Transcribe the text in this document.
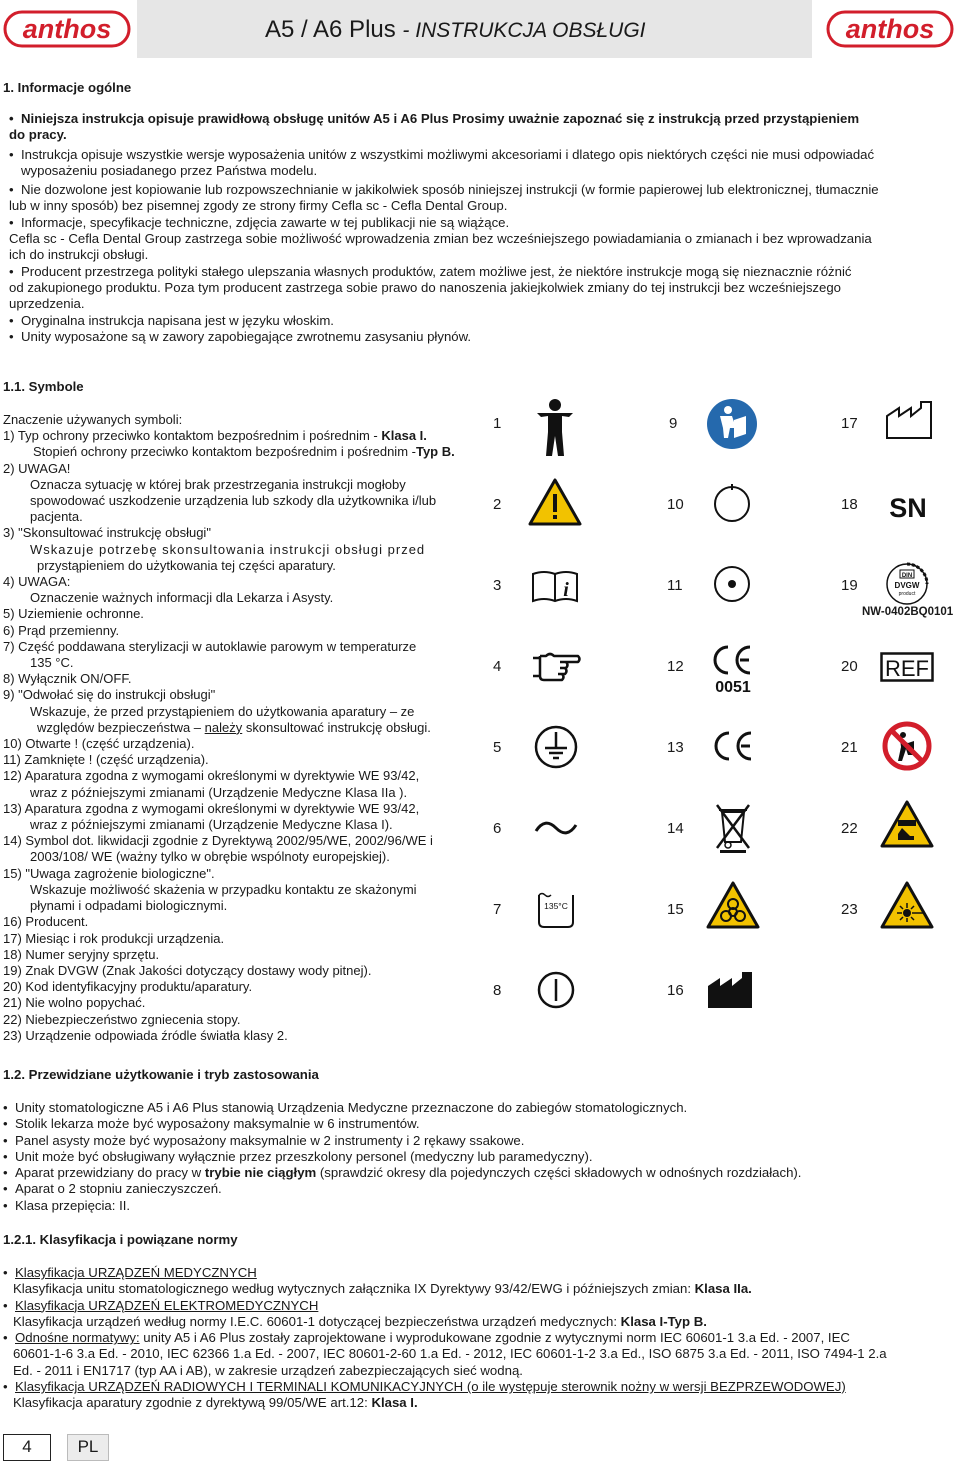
anthos	anthos
A5 / A6 Plus - INSTRUKCJA OBSŁUGI
1. Informacje ogólne
• Niniejsza instrukcja opisuje prawidłową obsługę unitów A5 i A6 Plus Prosimy uważnie zapoznać się z instrukcją przed przystąpieniem
do pracy.
• Instrukcja opisuje wszystkie wersje wyposażenia unitów z wszystkimi możliwymi akcesoriami i dlatego opis niektórych części nie musi odpowiadać
wyposażeniu posiadanego przez Państwa modelu.
• Nie dozwolone jest kopiowanie lub rozpowszechnianie w jakikolwiek sposób niniejszej instrukcji (w formie papierowej lub elektronicznej, tłumacznie
lub w inny sposób) bez pisemnej zgody ze strony firmy Cefla sc - Cefla Dental Group.
• Informacje, specyfikacje techniczne, zdjęcia zawarte w tej publikacji nie są wiążące.
Cefla sc - Cefla Dental Group zastrzega sobie możliwość wprowadzenia zmian bez wcześniejszego powiadamiania o zmianach i bez wprowadzania
ich do instrukcji obsługi.
• Producent przestrzega polityki stałego ulepszania własnych produktów, zatem możliwe jest, że niektóre instrukcje mogą się nieznacznie różnić
od zakupionego produktu. Poza tym producent zastrzega sobie prawo do nanoszenia jakiejkolwiek zmiany do tej instrukcji bez wcześniejszego
uprzedzenia.
• Oryginalna instrukcja napisana jest w języku włoskim.
• Unity wyposażone są w zawory zapobiegające zwrotnemu zasysaniu płynów.
1.1. Symbole
Znaczenie używanych symboli:
1) Typ ochrony przeciwko kontaktom bezpośrednim i pośrednim - Klasa I.
Stopień ochrony przeciwko kontaktom bezpośrednim i pośrednim -Typ B.
2) UWAGA!
Oznacza sytuację w której brak przestrzegania instrukcji mogłoby
spowodować uszkodzenie urządzenia lub szkody dla użytkownika i/lub
pacjenta.
3) "Skonsultować instrukcję obsługi"
Wskazuje potrzebę skonsultowania instrukcji obsługi przed
przystąpieniem do użytkowania tej części aparatury.
4) UWAGA:
Oznaczenie ważnych informacji dla Lekarza i Asysty.
5) Uziemienie ochronne.
6) Prąd przemienny.
7) Część poddawana sterylizacji w autoklawie parowym w temperaturze
135 °C.
8) Wyłącznik ON/OFF.
9) "Odwołać się do instrukcji obsługi"
Wskazuje, że przed przystąpieniem do użytkowania aparatury – ze
względów bezpieczeństwa – należy skonsultować instrukcję obsługi.
10) Otwarte ! (część urządzenia).
11) Zamknięte ! (część urządzenia).
12) Aparatura zgodna z wymogami określonymi w dyrektywie WE 93/42,
wraz z późniejszymi zmianami (Urządzenie Medyczne Klasa IIa ).
13) Aparatura zgodna z wymogami określonymi w dyrektywie WE 93/42,
wraz z późniejszymi zmianami (Urządzenie Medyczne Klasa I).
14) Symbol dot. likwidacji zgodnie z Dyrektywą 2002/95/WE, 2002/96/WE i
2003/108/ WE (ważny tylko w obrębie wspólnoty europejskiej).
15) "Uwaga zagrożenie biologiczne".
Wskazuje możliwość skażenia w przypadku kontaktu ze skażonymi
płynami i odpadami biologicznymi.
16) Producent.
17) Miesiąc i rok produkcji urządzenia.
18) Numer seryjny sprzętu.
19) Znak DVGW (Znak Jakości dotyczący dostawy wody pitnej).
20) Kod identyfikacyjny produktu/aparatury.
21) Nie wolno popychać.
22) Niebezpieczeństwo zgniecenia stopy.
23) Urządzenie odpowiada źródle światła klasy 2.
1
2
3
4
5
6
7
8
9
10
11
12
13
14
15
16
17
18
19
20
21
22
23
i
135°C
0051
SN
DIN
DVGW
product
NW-0402BQ0101
REF
1.2. Przewidziane użytkowanie i tryb zastosowania
• Unity stomatologiczne A5 i A6 Plus stanowią Urządzenia Medyczne przeznaczone do zabiegów stomatologicznych.
• Stolik lekarza może być wyposażony maksymalnie w 6 instrumentów.
• Panel asysty może być wyposażony maksymalnie w 2 instrumenty i 2 rękawy ssakowe.
• Unit może być obsługiwany wyłącznie przez przeszkolony personel (medyczny lub paramedyczny).
• Aparat przewidziany do pracy w trybie nie ciągłym (sprawdzić okresy dla pojedynczych części składowych w odnośnych rozdziałach).
• Aparat o 2 stopniu zanieczyszczeń.
• Klasa przepięcia: II.
1.2.1. Klasyfikacja i powiązane normy
• Klasyfikacja URZĄDZEŃ MEDYCZNYCH
Klasyfikacja unitu stomatologicznego według wytycznych załącznika IX Dyrektywy 93/42/EWG i późniejszych zmian: Klasa IIa.
• Klasyfikacja URZĄDZEŃ ELEKTROMEDYCZNYCH
Klasyfikacja urządzeń według normy I.E.C. 60601-1 dotyczącej bezpieczeństwa urządzeń medycznych: Klasa I-Typ B.
• Odnośne normatywy: unity A5 i A6 Plus zostały zaprojektowane i wyprodukowane zgodnie z wytycznymi norm IEC 60601-1 3.a Ed. - 2007, IEC
60601-1-6 3.a Ed. - 2010, IEC 62366 1.a Ed. - 2007, IEC 80601-2-60 1.a Ed. - 2012, IEC 60601-1-2 3.a Ed., ISO 6875 3.a Ed. - 2011, ISO 7494-1 2.a
Ed. - 2011 i EN1717 (typ AA i AB), w zakresie urządzeń zabezpieczających sieć wodną.
• Klasyfikacja URZĄDZEŃ RADIOWYCH I TERMINALI KOMUNIKACYJNYCH (o ile występuje sterownik nożny w wersji BEZPRZEWODOWEJ)
Klasyfikacja aparatury zgodnie z dyrektywą 99/05/WE art.12: Klasa I.
4	PL
